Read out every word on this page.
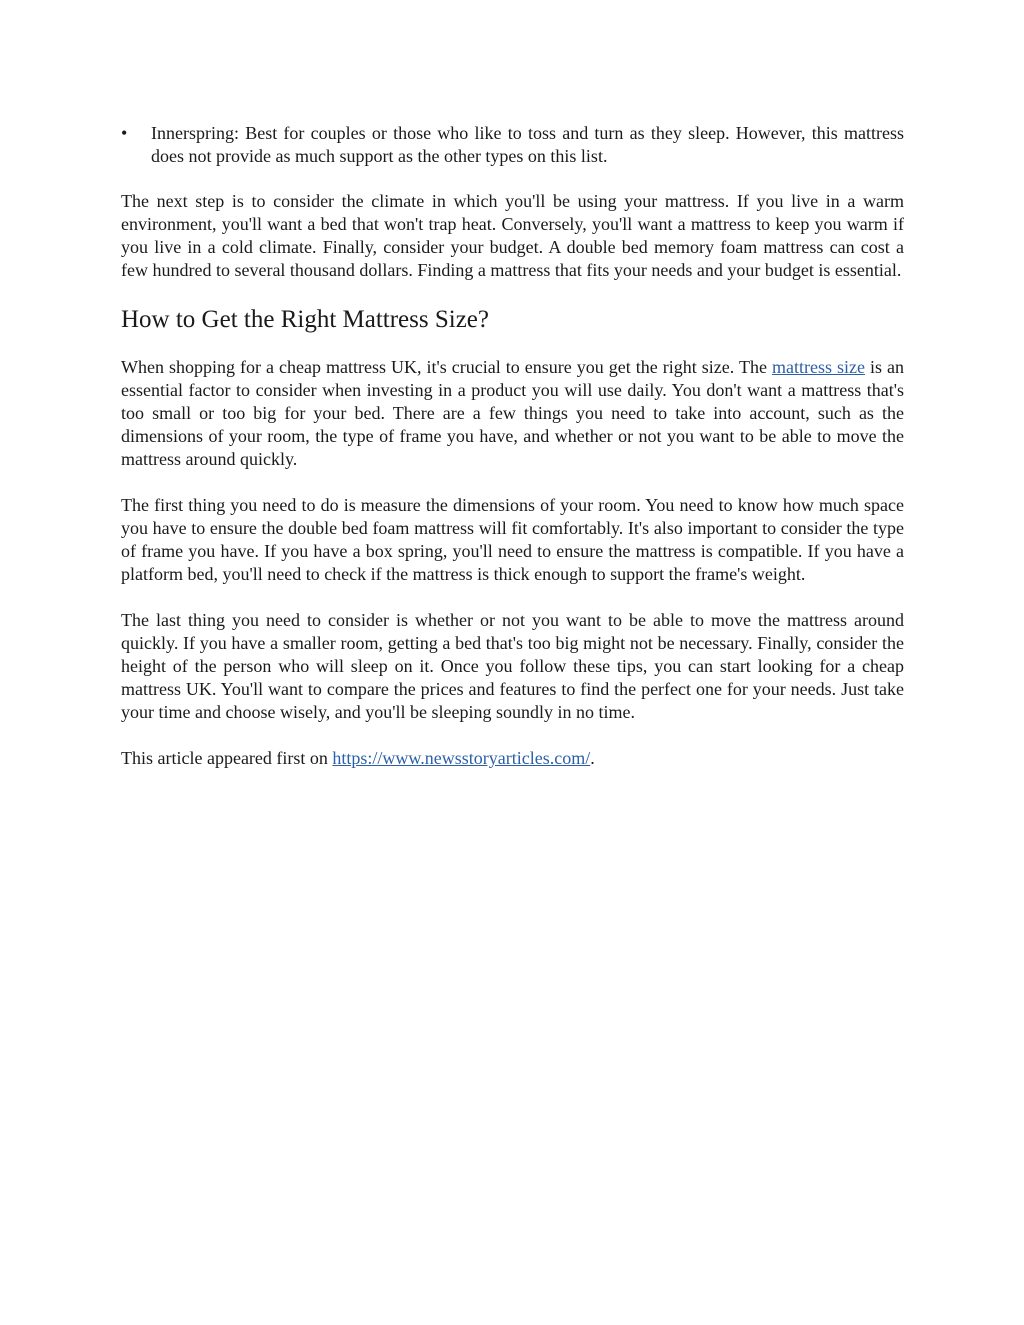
•	Innerspring: Best for couples or those who like to toss and turn as they sleep. However, this mattress does not provide as much support as the other types on this list.

The next step is to consider the climate in which you'll be using your mattress. If you live in a warm environment, you'll want a bed that won't trap heat. Conversely, you'll want a mattress to keep you warm if you live in a cold climate. Finally, consider your budget. A double bed memory foam mattress can cost a few hundred to several thousand dollars. Finding a mattress that fits your needs and your budget is essential.

How to Get the Right Mattress Size?

When shopping for a cheap mattress UK, it's crucial to ensure you get the right size. The mattress size is an essential factor to consider when investing in a product you will use daily. You don't want a mattress that's too small or too big for your bed. There are a few things you need to take into account, such as the dimensions of your room, the type of frame you have, and whether or not you want to be able to move the mattress around quickly.

The first thing you need to do is measure the dimensions of your room. You need to know how much space you have to ensure the double bed foam mattress will fit comfortably. It's also important to consider the type of frame you have. If you have a box spring, you'll need to ensure the mattress is compatible. If you have a platform bed, you'll need to check if the mattress is thick enough to support the frame's weight.

The last thing you need to consider is whether or not you want to be able to move the mattress around quickly. If you have a smaller room, getting a bed that's too big might not be necessary. Finally, consider the height of the person who will sleep on it. Once you follow these tips, you can start looking for a cheap mattress UK. You'll want to compare the prices and features to find the perfect one for your needs. Just take your time and choose wisely, and you'll be sleeping soundly in no time.

This article appeared first on https://www.newsstoryarticles.com/.
